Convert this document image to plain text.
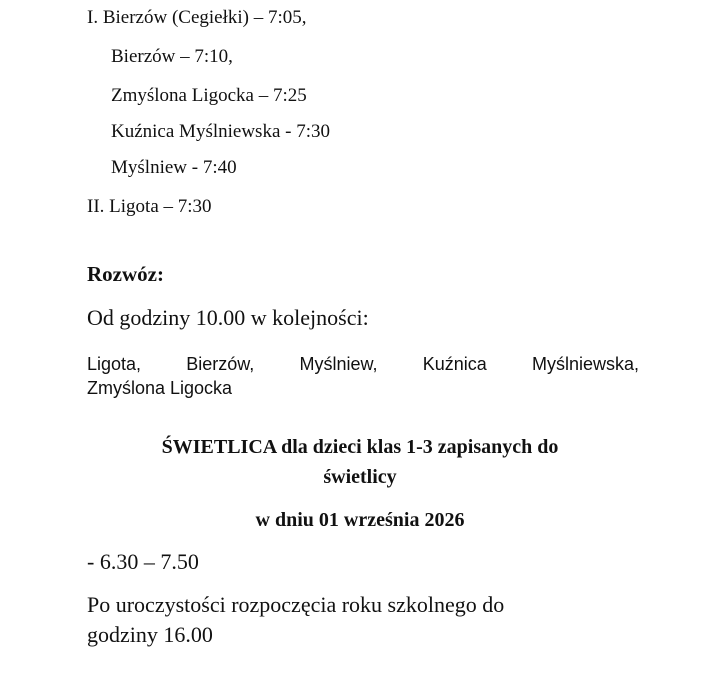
I. Bierzów (Cegiełki) – 7:05,
Bierzów – 7:10,
Zmyślona Ligocka – 7:25
Kuźnica Myślniewska - 7:30
Myślniew - 7:40
II. Ligota – 7:30
Rozwóz:
Od godziny 10.00 w kolejności:
Ligota,	Bierzów,	Myślniew,	Kuźnica	Myślniewska,
Zmyślona Ligocka
ŚWIETLICA dla dzieci klas 1-3 zapisanych do
świetlicy
w dniu 01 września 2026
- 6.30 – 7.50
Po uroczystości rozpoczęcia roku szkolnego do
godziny 16.00
